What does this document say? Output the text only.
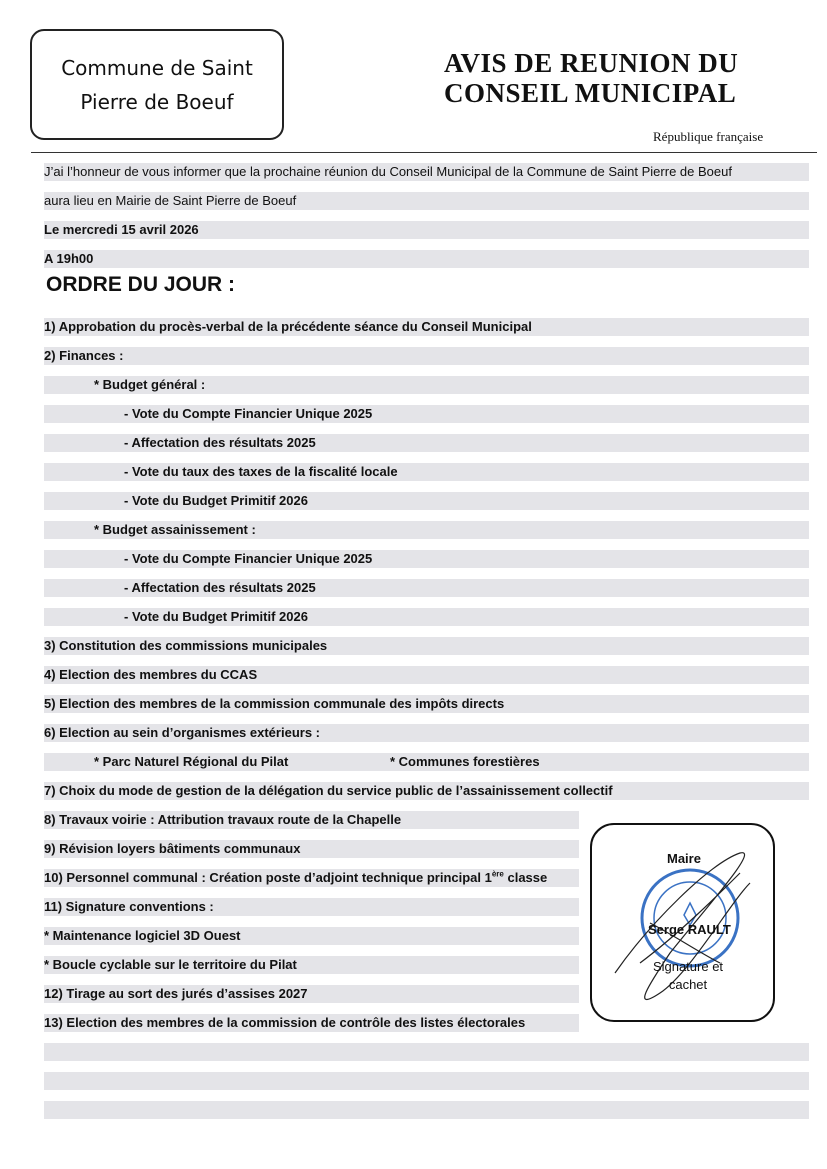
Commune de Saint
Pierre de Boeuf
AVIS DE REUNION DU
CONSEIL MUNICIPAL
République française
J’ai l’honneur de vous informer que la prochaine réunion du Conseil Municipal de la Commune de Saint Pierre de Boeuf
aura lieu en Mairie de Saint Pierre de Boeuf
Le mercredi 15 avril 2026
A 19h00
ORDRE DU JOUR :
1) Approbation du procès-verbal de la précédente séance du Conseil Municipal
2) Finances :
* Budget général :
- Vote du Compte Financier Unique 2025
- Affectation des résultats 2025
- Vote du taux des taxes de la fiscalité locale
- Vote du Budget Primitif 2026
* Budget assainissement :
- Vote du Compte Financier Unique 2025
- Affectation des résultats 2025
- Vote du Budget Primitif 2026
3) Constitution des commissions municipales
4) Election des membres du CCAS
5) Election des membres de la commission communale des impôts directs
6) Election au sein d’organismes extérieurs :
* Parc Naturel Régional du Pilat	* Communes forestières
7) Choix du mode de gestion de la délégation du service public de l’assainissement collectif
8) Travaux voirie : Attribution travaux route de la Chapelle
9) Révision loyers bâtiments communaux
10) Personnel communal : Création poste d’adjoint technique principal 1ère classe
11) Signature conventions :
* Maintenance logiciel 3D Ouest
* Boucle cyclable sur le territoire du Pilat
12) Tirage au sort des jurés d’assises 2027
13) Election des membres de la commission de contrôle des listes électorales
Maire
Serge RAULT
Signature et
cachet
